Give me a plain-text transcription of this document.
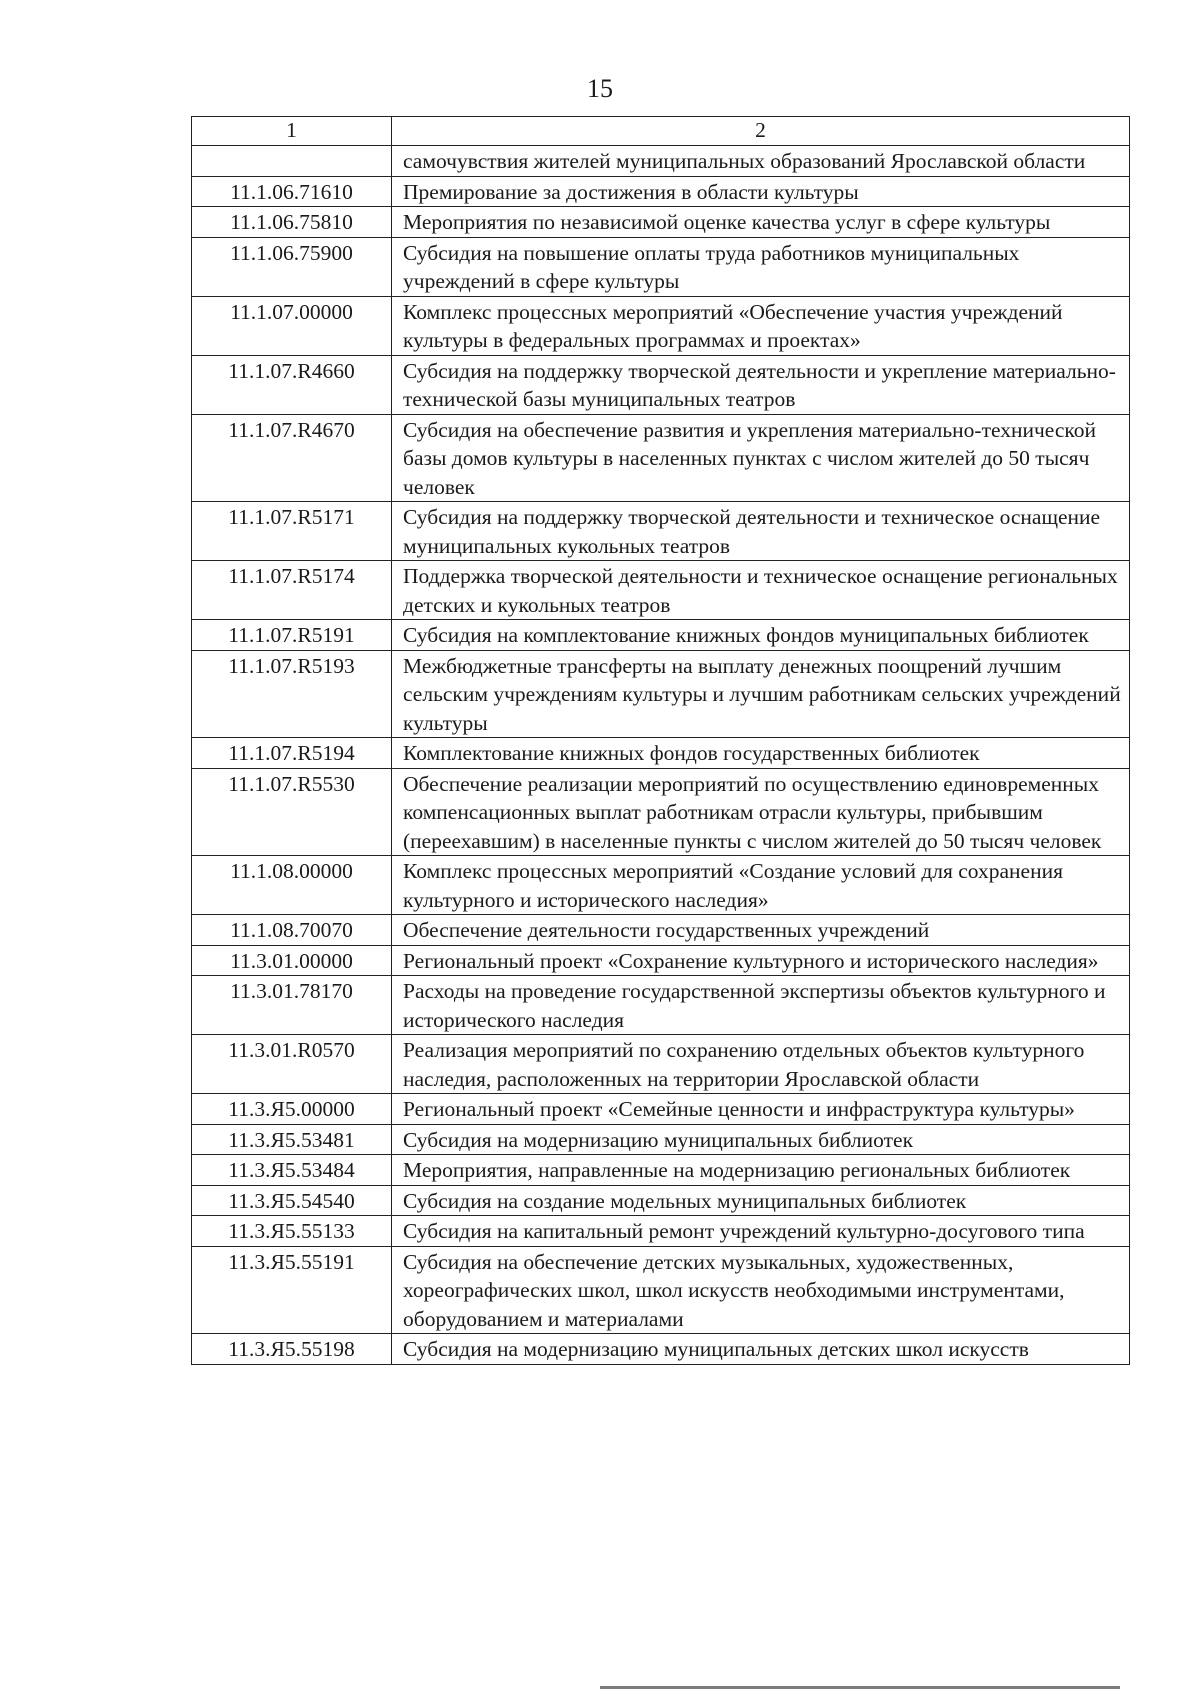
15
1	2
	самочувствия жителей муниципальных образований Ярославской области
11.1.06.71610	Премирование за достижения в области культуры
11.1.06.75810	Мероприятия по независимой оценке качества услуг в сфере культуры
11.1.06.75900	Субсидия на повышение оплаты труда работников муниципальных учреждений в сфере культуры
11.1.07.00000	Комплекс процессных мероприятий «Обеспечение участия учреждений культуры в федеральных программах и проектах»
11.1.07.R4660	Субсидия на поддержку творческой деятельности и укрепление материально-технической базы муниципальных театров
11.1.07.R4670	Субсидия на обеспечение развития и укрепления материально-технической базы домов культуры в населенных пунктах с числом жителей до 50 тысяч человек
11.1.07.R5171	Субсидия на поддержку творческой деятельности и техническое оснащение муниципальных кукольных театров
11.1.07.R5174	Поддержка творческой деятельности и техническое оснащение региональных детских и кукольных театров
11.1.07.R5191	Субсидия на комплектование книжных фондов муниципальных библиотек
11.1.07.R5193	Межбюджетные трансферты на выплату денежных поощрений лучшим сельским учреждениям культуры и лучшим работникам сельских учреждений культуры
11.1.07.R5194	Комплектование книжных фондов государственных библиотек
11.1.07.R5530	Обеспечение реализации мероприятий по осуществлению единовременных компенсационных выплат работникам отрасли культуры, прибывшим (переехавшим) в населенные пункты с числом жителей до 50 тысяч человек
11.1.08.00000	Комплекс процессных мероприятий «Создание условий для сохранения культурного и исторического наследия»
11.1.08.70070	Обеспечение деятельности государственных учреждений
11.3.01.00000	Региональный проект «Сохранение культурного и исторического наследия»
11.3.01.78170	Расходы на проведение государственной экспертизы объектов культурного и исторического наследия
11.3.01.R0570	Реализация мероприятий по сохранению отдельных объектов культурного наследия, расположенных на территории Ярославской области
11.3.Я5.00000	Региональный проект «Семейные ценности и инфраструктура культуры»
11.3.Я5.53481	Субсидия на модернизацию муниципальных библиотек
11.3.Я5.53484	Мероприятия, направленные на модернизацию региональных библиотек
11.3.Я5.54540	Субсидия на создание модельных муниципальных библиотек
11.3.Я5.55133	Субсидия на капитальный ремонт учреждений культурно-досугового типа
11.3.Я5.55191	Субсидия на обеспечение детских музыкальных, художественных, хореографических школ, школ искусств необходимыми инструментами, оборудованием и материалами
11.3.Я5.55198	Субсидия на модернизацию муниципальных детских школ искусств
